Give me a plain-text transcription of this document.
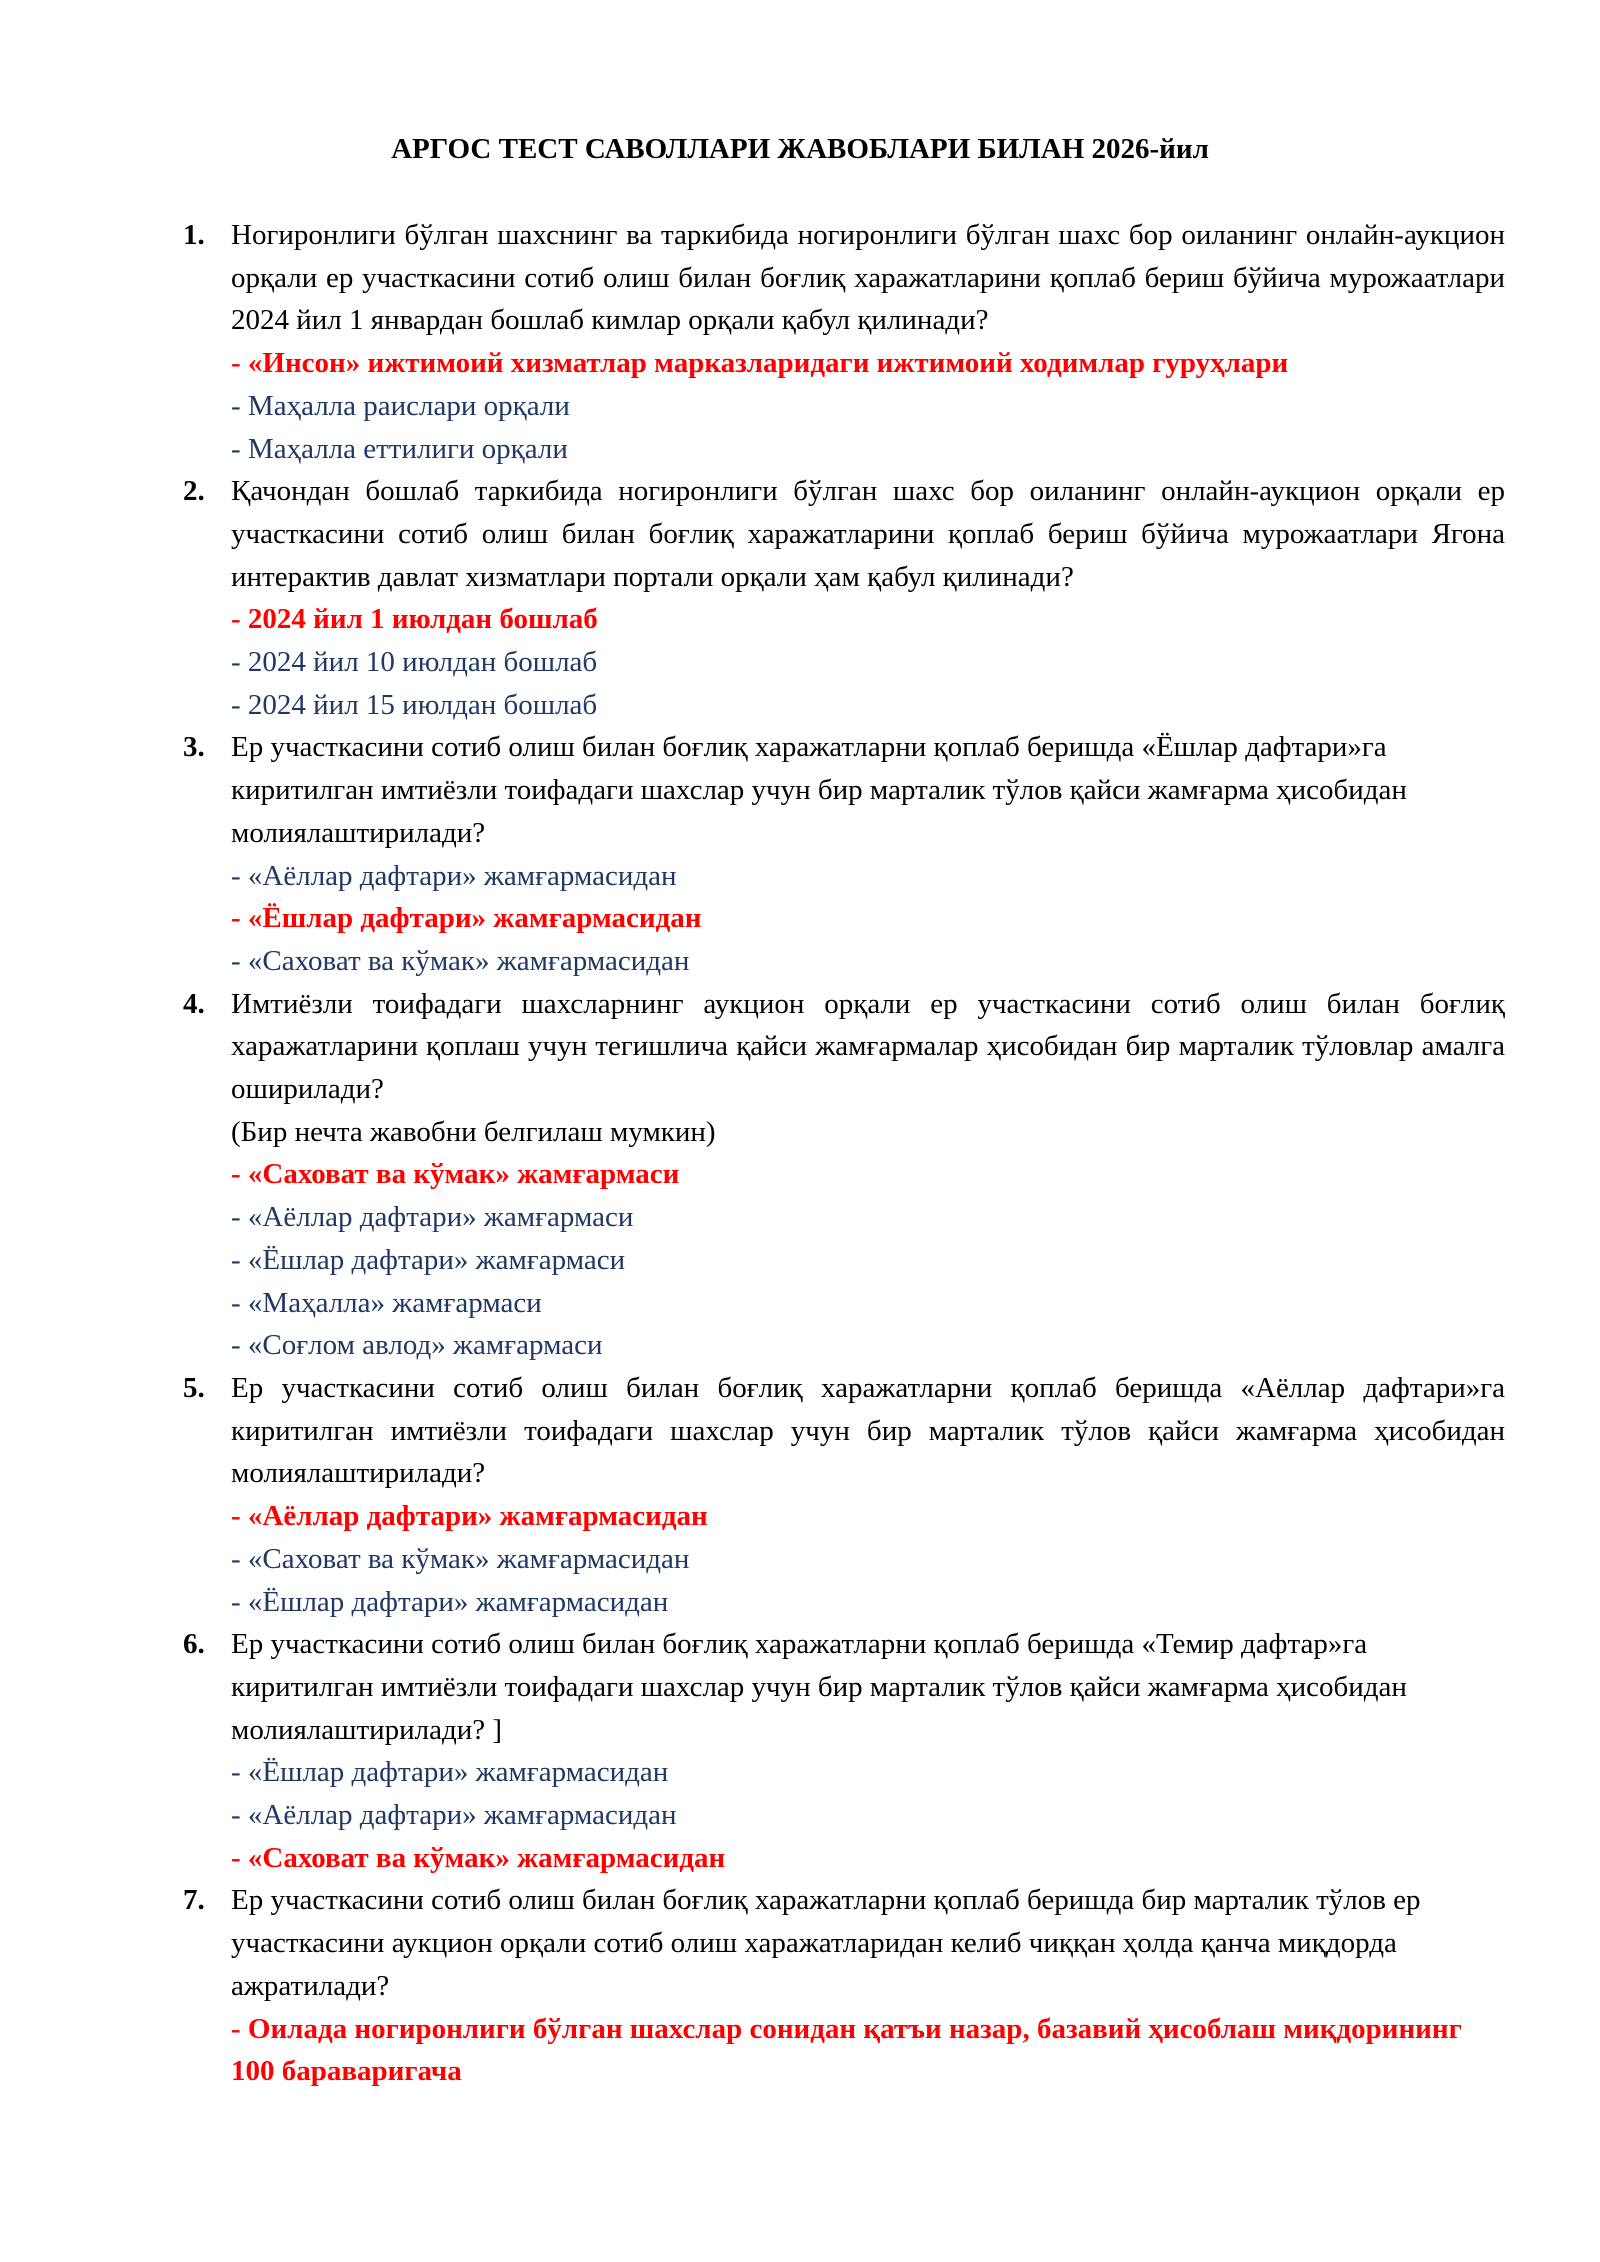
АРГОС ТЕСТ САВОЛЛАРИ ЖАВОБЛАРИ БИЛАН 2026-йил
1. Ногиронлиги бўлган шахснинг ва таркибида ногиронлиги бўлган шахс бор оиланинг онлайн-аукцион орқали ер участкасини сотиб олиш билан боғлиқ харажатларини қоплаб бериш бўйича мурожаатлари 2024 йил 1 январдан бошлаб кимлар орқали қабул қилинади?

- «Инсон» ижтимоий хизматлар марказларидаги ижтимоий ходимлар гуруҳлари
- Маҳалла раислари орқали
- Маҳалла еттилиги орқали
2. Қачондан бошлаб таркибида ногиронлиги бўлган шахс бор оиланинг онлайн-аукцион орқали ер участкасини сотиб олиш билан боғлиқ харажатларини қоплаб бериш бўйича мурожаатлари Ягона интерактив давлат хизматлари портали орқали ҳам қабул қилинади?

- 2024 йил 1 июлдан бошлаб
- 2024 йил 10 июлдан бошлаб
- 2024 йил 15 июлдан бошлаб
3. Ер участкасини сотиб олиш билан боғлиқ харажатларни қоплаб беришда «Ёшлар дафтари»га киритилган имтиёзли тоифадаги шахслар учун бир марталик тўлов қайси жамғарма ҳисобидан молиялаштирилади?

- «Аёллар дафтари» жамғармасидан
- «Ёшлар дафтари» жамғармасидан
- «Саховат ва кўмак» жамғармасидан
4. Имтиёзли тоифадаги шахсларнинг аукцион орқали ер участкасини сотиб олиш билан боғлиқ харажатларини қоплаш учун тегишлича қайси жамғармалар ҳисобидан бир марталик тўловлар амалга оширилади?

(Бир нечта жавобни белгилаш мумкин)

- «Саховат ва кўмак» жамғармаси
- «Аёллар дафтари» жамғармаси
- «Ёшлар дафтари» жамғармаси
- «Маҳалла» жамғармаси
- «Соғлом авлод» жамғармаси
5. Ер участкасини сотиб олиш билан боғлиқ харажатларни қоплаб беришда «Аёллар дафтари»га киритилган имтиёзли тоифадаги шахслар учун бир марталик тўлов қайси жамғарма ҳисобидан молиялаштирилади?

- «Аёллар дафтари» жамғармасидан
- «Саховат ва кўмак» жамғармасидан
- «Ёшлар дафтари» жамғармасидан
6. Ер участкасини сотиб олиш билан боғлиқ харажатларни қоплаб беришда «Темир дафтар»га киритилган имтиёзли тоифадаги шахслар учун бир марталик тўлов қайси жамғарма ҳисобидан молиялаштирилади? ]

- «Ёшлар дафтари» жамғармасидан
- «Аёллар дафтари» жамғармасидан
- «Саховат ва кўмак» жамғармасидан
7. Ер участкасини сотиб олиш билан боғлиқ харажатларни қоплаб беришда бир марталик тўлов ер участкасини аукцион орқали сотиб олиш харажатларидан келиб чиққан ҳолда қанча миқдорда ажратилади?

- Оилада ногиронлиги бўлган шахслар сонидан қатъи назар, базавий ҳисоблаш миқдорининг 100 бараваригача
